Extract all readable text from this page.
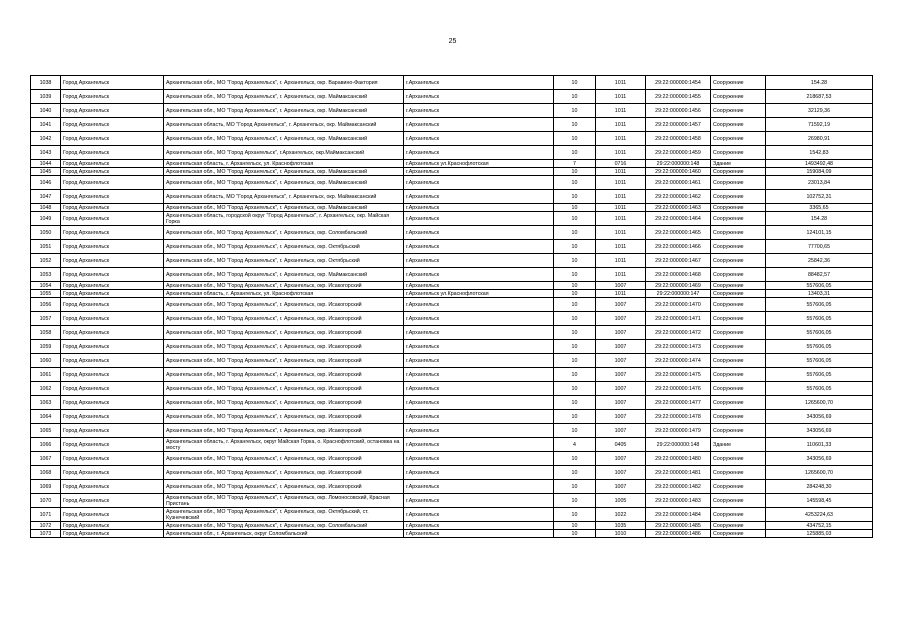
25
1038	Город Архангельск	Архангельская обл., МО "Город Архангельск", г. Архангельск, окр. Варавино-Фактория	г.Архангельск	10	1011	29:22:000000:1454	Сооружение	154.28
1039	Город Архангельск	Архангельская обл., МО "Город Архангельск", г. Архангельск, окр. Маймаксанский	г.Архангельск	10	1011	29:22:000000:1455	Сооружение	218687,53
1040	Город Архангельск	Архангельская обл., МО "Город Архангельск", г. Архангельск, окр. Маймаксанский	г.Архангельск	10	1011	29:22:000000:1456	Сооружение	32129,36
1041	Город Архангельск	Архангельская область, МО "Город Архангельск", г. Архангельск, окр. Маймаксанский	г.Архангельск	10	1011	29:22:000000:1457	Сооружение	71592,19
1042	Город Архангельск	Архангельская обл., МО "Город Архангельск", г. Архангельск, окр. Маймаксанский	г.Архангельск	10	1011	29:22:000000:1458	Сооружение	26980,91
1043	Город Архангельск	Архангельская обл., МО "Город Архангельск", г.Архангельск, окр.Маймаксанский	г.Архангельск	10	1011	29:22:000000:1459	Сооружение	1542,83
1044	Город Архангельск	Архангельская область, г. Архангельск, ул. Краснофлотская	г.Архангельск ул.Краснофлотская	7	0716	29:22:000000:148	Здание	1493492,48
1045	Город Архангельск	Архангельская обл., МО "Город Архангельск", г. Архангельск, окр. Маймаксанский	г.Архангельск	10	1011	29:22:000000:1460	Сооружение	159084,09
1046	Город Архангельск	Архангельская обл., МО "Город Архангельск", г. Архангельск, окр. Маймаксанский	г.Архангельск	10	1011	29:22:000000:1461	Сооружение	23013,84
1047	Город Архангельск	Архангельская область, МО "Город Архангельск", г. Архангельск, окр. Маймаксанский	г.Архангельск	10	1011	29:22:000000:1462	Сооружение	102752,31
1048	Город Архангельск	Архангельская обл., МО "Город Архангельск", г. Архангельск, окр. Маймаксанский	г.Архангельск	10	1011	29:22:000000:1463	Сооружение	3365,65
1049	Город Архангельск	Архангельская область, городской округ "Город Архангельск", г. Архангельск, окр. Майская Горка	г.Архангельск	10	1011	29:22:000000:1464	Сооружение	154.28
1050	Город Архангельск	Архангельская обл., МО "Город Архангельск", г. Архангельск, окр. Соломбальский	г.Архангельск	10	1011	29:22:000000:1465	Сооружение	124101,15
1051	Город Архангельск	Архангельская обл., МО "Город Архангельск", г. Архангельск, окр. Октябрьский	г.Архангельск	10	1011	29:22:000000:1466	Сооружение	77700,65
1052	Город Архангельск	Архангельская обл., МО "Город Архангельск", г. Архангельск, окр. Октябрьский	г.Архангельск	10	1011	29:22:000000:1467	Сооружение	25842,36
1053	Город Архангельск	Архангельская обл., МО "Город Архангельск", г. Архангельск, окр. Маймаксанский	г.Архангельск	10	1011	29:22:000000:1468	Сооружение	88482,57
1054	Город Архангельск	Архангельская обл., МО "Город Архангельск", г. Архангельск, окр. Исакогорский	г.Архангельск	10	1007	29:22:000000:1469	Сооружение	557606,05
1055	Город Архангельск	Архангельская область, г. Архангельск, ул. Краснофлотская	г.Архангельск ул.Краснофлотская	10	1011	29:22:000000:147	Сооружение	13403,31
1056	Город Архангельск	Архангельская обл., МО "Город Архангельск", г. Архангельск, окр. Исакогорский	г.Архангельск	10	1007	29:22:000000:1470	Сооружение	557606,05
1057	Город Архангельск	Архангельская обл., МО "Город Архангельск", г. Архангельск, окр. Исакогорский	г.Архангельск	10	1007	29:22:000000:1471	Сооружение	557606,05
1058	Город Архангельск	Архангельская обл., МО "Город Архангельск", г. Архангельск, окр. Исакогорский	г.Архангельск	10	1007	29:22:000000:1472	Сооружение	557606,05
1059	Город Архангельск	Архангельская обл., МО "Город Архангельск", г. Архангельск, окр. Исакогорский	г.Архангельск	10	1007	29:22:000000:1473	Сооружение	557606,05
1060	Город Архангельск	Архангельская обл., МО "Город Архангельск", г. Архангельск, окр. Исакогорский	г.Архангельск	10	1007	29:22:000000:1474	Сооружение	557606,05
1061	Город Архангельск	Архангельская обл., МО "Город Архангельск", г. Архангельск, окр. Исакогорский	г.Архангельск	10	1007	29:22:000000:1475	Сооружение	557606,05
1062	Город Архангельск	Архангельская обл., МО "Город Архангельск", г. Архангельск, окр. Исакогорский	г.Архангельск	10	1007	29:22:000000:1476	Сооружение	557606,05
1063	Город Архангельск	Архангельская обл., МО "Город Архангельск", г. Архангельск, окр. Исакогорский	г.Архангельск	10	1007	29:22:000000:1477	Сооружение	1265600,70
1064	Город Архангельск	Архангельская обл., МО "Город Архангельск", г. Архангельск, окр. Исакогорский	г.Архангельск	10	1007	29:22:000000:1478	Сооружение	343056,69
1065	Город Архангельск	Архангельская обл., МО "Город Архангельск", г. Архангельск, окр. Исакогорский	г.Архангельск	10	1007	29:22:000000:1479	Сооружение	343056,69
1066	Город Архангельск	Архангельская область, г. Архангельск, округ Майская Горка, о. Краснофлотский, остановка на мосту	г.Архангельск	4	0405	29:22:000000:148	Здание	110601,33
1067	Город Архангельск	Архангельская обл., МО "Город Архангельск", г. Архангельск, окр. Исакогорский	г.Архангельск	10	1007	29:22:000000:1480	Сооружение	343056,69
1068	Город Архангельск	Архангельская обл., МО "Город Архангельск", г. Архангельск, окр. Исакогорский	г.Архангельск	10	1007	29:22:000000:1481	Сооружение	1265600,70
1069	Город Архангельск	Архангельская обл., МО "Город Архангельск", г. Архангельск, окр. Исакогорский	г.Архангельск	10	1007	29:22:000000:1482	Сооружение	284248,30
1070	Город Архангельск	Архангельская обл., МО "Город Архангельск", г. Архангельск, окр. Ломоносовский, Красная Пристань	г.Архангельск	10	1005	29:22:000000:1483	Сооружение	145598,45
1071	Город Архангельск	Архангельская обл., МО "Город Архангельск", г. Архангельск, окр. Октябрьский, ст. Кузнечевский	г.Архангельск	10	1022	29:22:000000:1484	Сооружение	4253224,63
1072	Город Архангельск	Архангельская обл., МО "Город Архангельск", г. Архангельск, окр. Соломбальский	г.Архангельск	10	1035	29:22:000000:1485	Сооружение	434752,15
1073	Город Архангельск	Архангельская обл., г. Архангельск, округ Соломбальский	г.Архангельск	10	1010	29:22:000000:1486	Сооружение	125885,03
